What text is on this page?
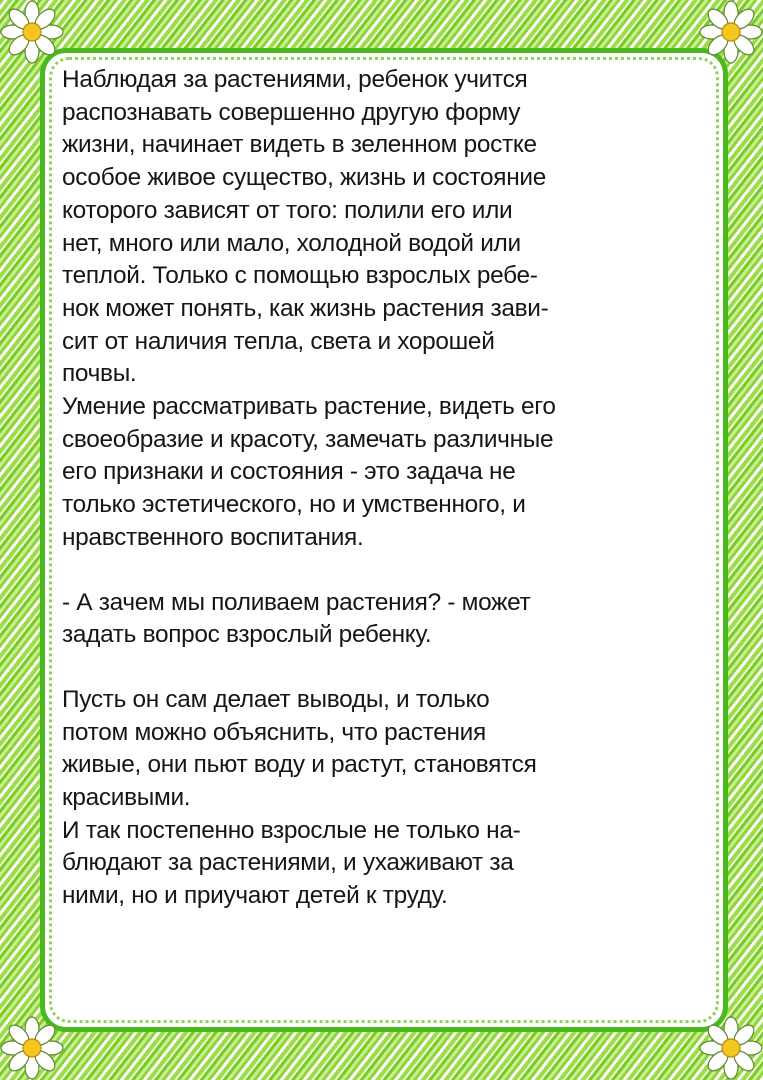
Наблюдая за растениями, ребенок учится
распознавать совершенно другую форму
жизни, начинает видеть в зеленном ростке
особое живое существо, жизнь и состояние
которого зависят от того: полили его или
нет, много или мало, холодной водой или
теплой. Только с помощью взрослых ребе-
нок может понять, как жизнь растения зави-
сит от наличия тепла, света и хорошей
почвы.

Умение рассматривать растение, видеть его
своеобразие и красоту, замечать различные
его признаки и состояния - это задача не
только эстетического, но и умственного, и
нравственного воспитания.

- А зачем мы поливаем растения? - может
задать вопрос взрослый ребенку.

Пусть он сам делает выводы, и только
потом можно объяснить, что растения
живые, они пьют воду и растут, становятся
красивыми.

И так постепенно взрослые не только на-
блюдают за растениями, и ухаживают за
ними, но и приучают детей к труду.
